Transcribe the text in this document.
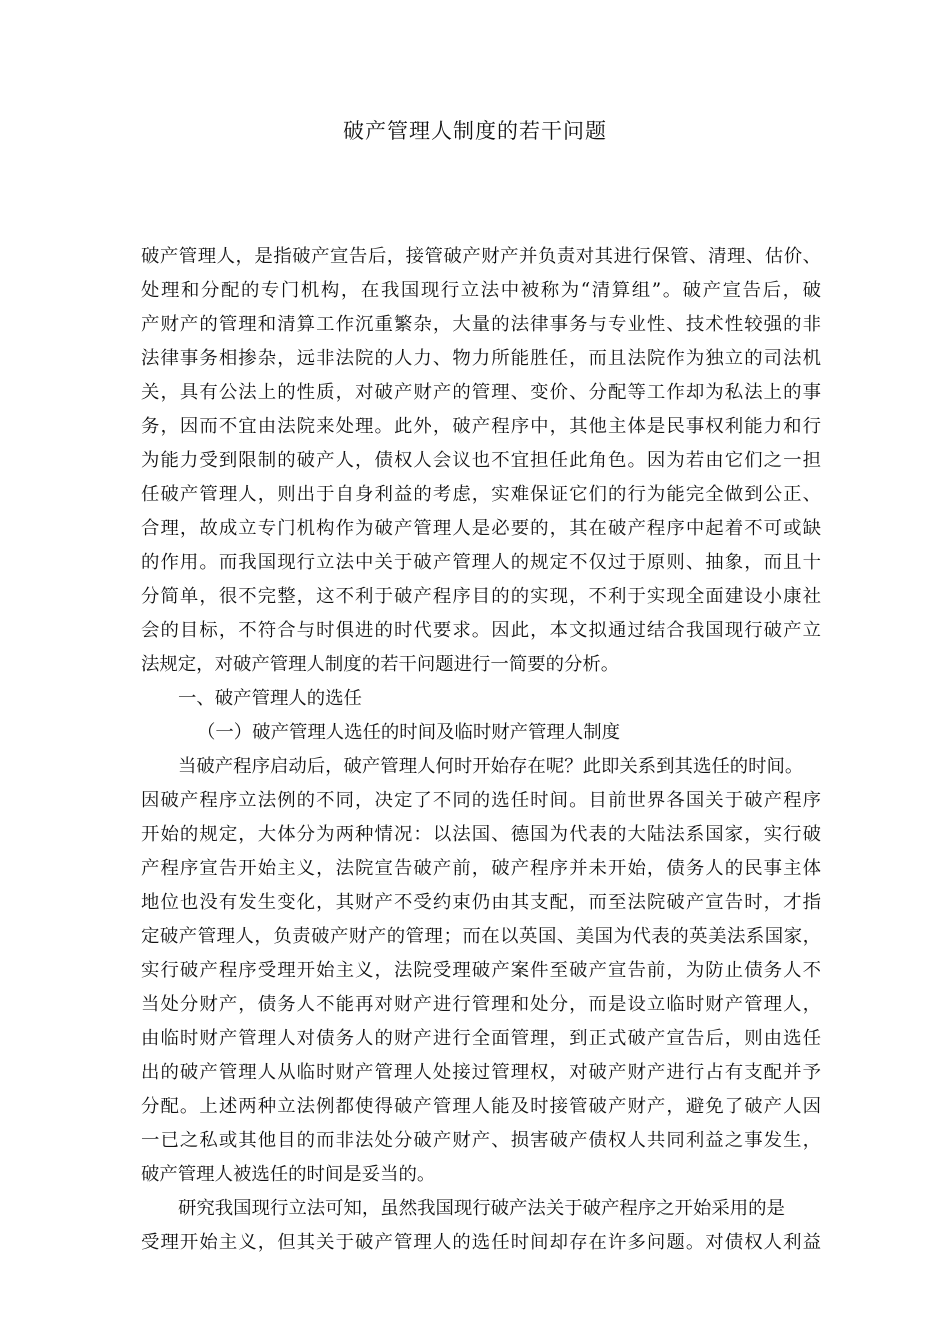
破产管理人制度的若干问题
破产管理人，是指破产宣告后，接管破产财产并负责对其进行保管、清理、估价、
处理和分配的专门机构，在我国现行立法中被称为“清算组”。破产宣告后，破
产财产的管理和清算工作沉重繁杂，大量的法律事务与专业性、技术性较强的非
法律事务相掺杂，远非法院的人力、物力所能胜任，而且法院作为独立的司法机
关，具有公法上的性质，对破产财产的管理、变价、分配等工作却为私法上的事
务，因而不宜由法院来处理。此外，破产程序中，其他主体是民事权利能力和行
为能力受到限制的破产人，债权人会议也不宜担任此角色。因为若由它们之一担
任破产管理人，则出于自身利益的考虑，实难保证它们的行为能完全做到公正、
合理，故成立专门机构作为破产管理人是必要的，其在破产程序中起着不可或缺
的作用。而我国现行立法中关于破产管理人的规定不仅过于原则、抽象，而且十
分简单，很不完整，这不利于破产程序目的的实现，不利于实现全面建设小康社
会的目标，不符合与时俱进的时代要求。因此，本文拟通过结合我国现行破产立
法规定，对破产管理人制度的若干问题进行一简要的分析。
一、破产管理人的选任
（一）破产管理人选任的时间及临时财产管理人制度
当破产程序启动后，破产管理人何时开始存在呢？此即关系到其选任的时间。
因破产程序立法例的不同，决定了不同的选任时间。目前世界各国关于破产程序
开始的规定，大体分为两种情况：以法国、德国为代表的大陆法系国家，实行破
产程序宣告开始主义，法院宣告破产前，破产程序并未开始，债务人的民事主体
地位也没有发生变化，其财产不受约束仍由其支配，而至法院破产宣告时，才指
定破产管理人，负责破产财产的管理；而在以英国、美国为代表的英美法系国家，
实行破产程序受理开始主义，法院受理破产案件至破产宣告前，为防止债务人不
当处分财产，债务人不能再对财产进行管理和处分，而是设立临时财产管理人，
由临时财产管理人对债务人的财产进行全面管理，到正式破产宣告后，则由选任
出的破产管理人从临时财产管理人处接过管理权，对破产财产进行占有支配并予
分配。上述两种立法例都使得破产管理人能及时接管破产财产，避免了破产人因
一已之私或其他目的而非法处分破产财产、损害破产债权人共同利益之事发生，
破产管理人被选任的时间是妥当的。
研究我国现行立法可知，虽然我国现行破产法关于破产程序之开始采用的是
受理开始主义，但其关于破产管理人的选任时间却存在许多问题。对债权人利益
